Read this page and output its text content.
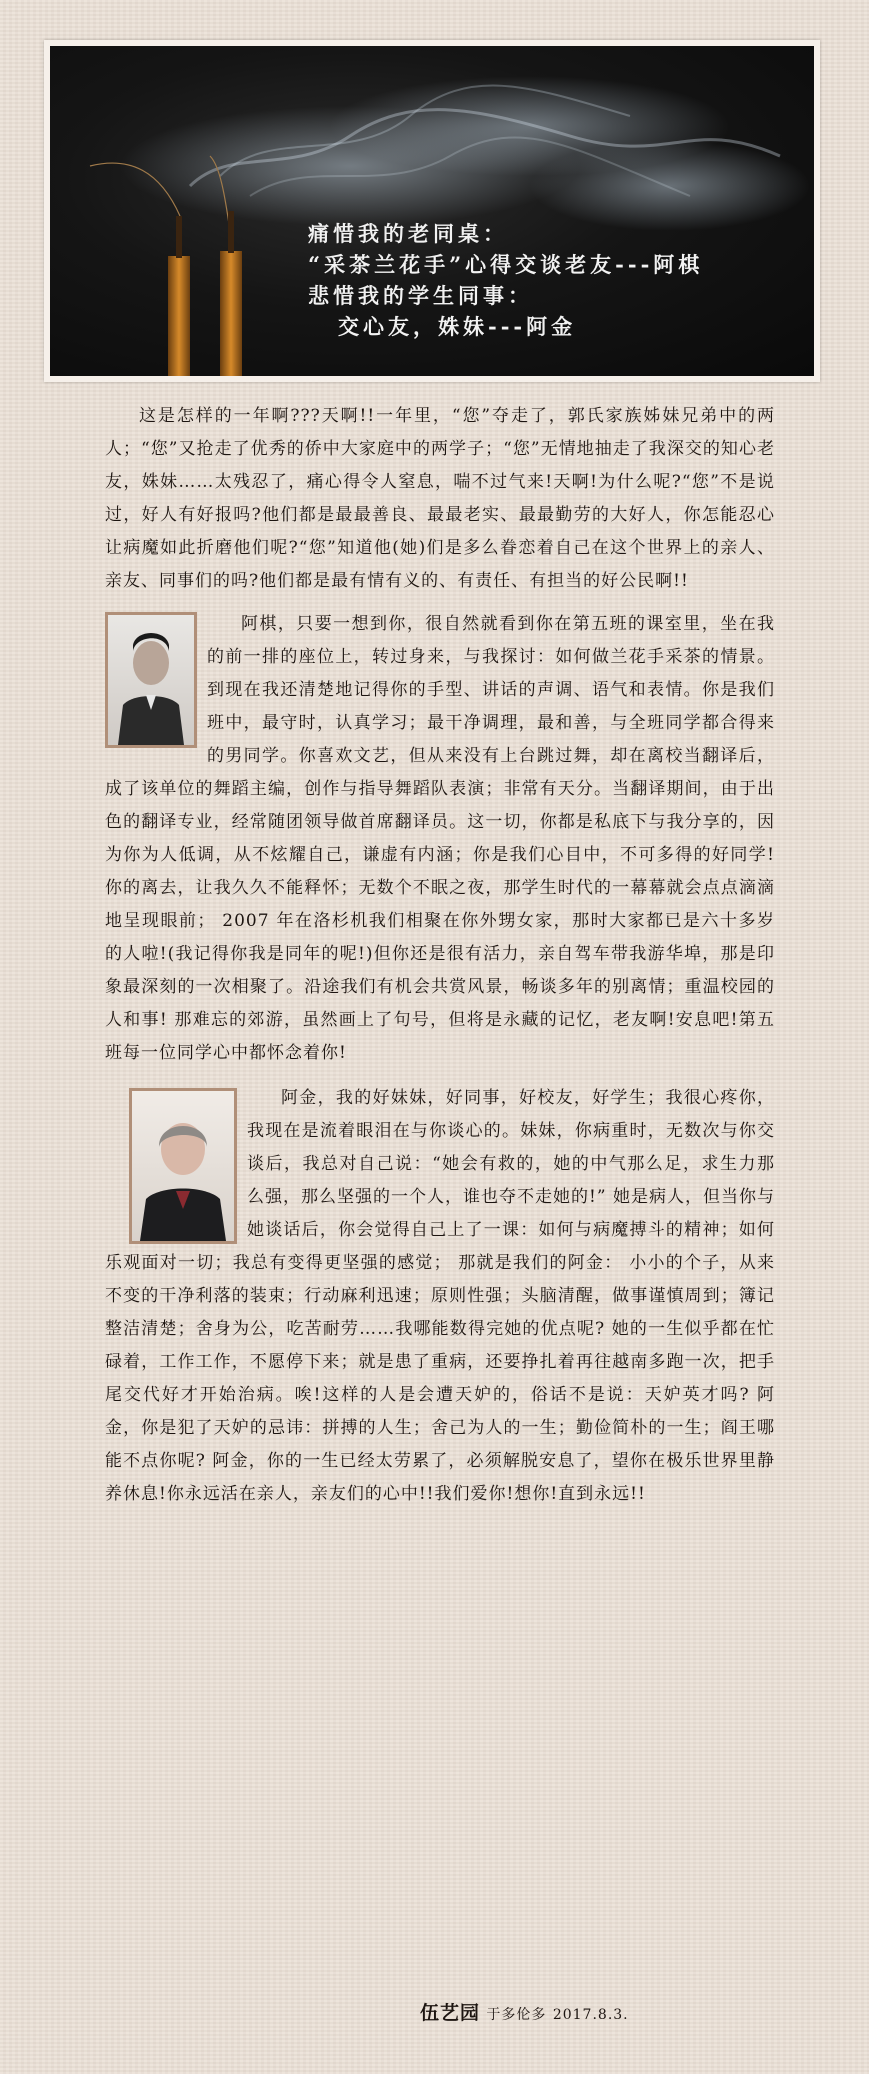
痛惜我的老同桌：
“采茶兰花手”心得交谈老友---阿棋
悲惜我的学生同事：
交心友，姝妹---阿金

这是怎样的一年啊???天啊!!一年里，“您”夺走了，郭氏家族姊妹兄弟中的两人；“您”又抢走了优秀的侨中大家庭中的两学子；“您”无情地抽走了我深交的知心老友，姝妹……太残忍了，痛心得令人窒息，喘不过气来!天啊!为什么呢?“您”不是说过，好人有好报吗?他们都是最最善良、最最老实、最最勤劳的大好人，你怎能忍心让病魔如此折磨他们呢?“您”知道他(她)们是多么眷恋着自己在这个世界上的亲人、亲友、同事们的吗?他们都是最有情有义的、有责任、有担当的好公民啊!!

阿棋，只要一想到你，很自然就看到你在第五班的课室里，坐在我的前一排的座位上，转过身来，与我探讨：如何做兰花手采茶的情景。到现在我还清楚地记得你的手型、讲话的声调、语气和表情。你是我们班中，最守时，认真学习；最干净调理，最和善，与全班同学都合得来的男同学。你喜欢文艺，但从来没有上台跳过舞，却在离校当翻译后，成了该单位的舞蹈主编，创作与指导舞蹈队表演；非常有天分。当翻译期间，由于出色的翻译专业，经常随团领导做首席翻译员。这一切，你都是私底下与我分享的，因为你为人低调，从不炫耀自己，谦虚有内涵；你是我们心目中，不可多得的好同学!你的离去，让我久久不能释怀；无数个不眠之夜，那学生时代的一幕幕就会点点滴滴地呈现眼前； 2007 年在洛杉机我们相聚在你外甥女家，那时大家都已是六十多岁的人啦!(我记得你我是同年的呢!)但你还是很有活力，亲自驾车带我游华埠，那是印象最深刻的一次相聚了。沿途我们有机会共赏风景，畅谈多年的别离情；重温校园的人和事! 那难忘的郊游，虽然画上了句号，但将是永藏的记忆，老友啊!安息吧!第五班每一位同学心中都怀念着你!

阿金，我的好妹妹，好同事，好校友，好学生；我很心疼你，我现在是流着眼泪在与你谈心的。妹妹，你病重时，无数次与你交谈后，我总对自己说：“她会有救的，她的中气那么足，求生力那么强，那么坚强的一个人，谁也夺不走她的!” 她是病人，但当你与她谈话后，你会觉得自己上了一课：如何与病魔搏斗的精神；如何乐观面对一切；我总有变得更坚强的感觉； 那就是我们的阿金： 小小的个子，从来不变的干净利落的装束；行动麻利迅速；原则性强；头脑清醒，做事谨慎周到；簿记整洁清楚；舍身为公，吃苦耐劳……我哪能数得完她的优点呢? 她的一生似乎都在忙碌着，工作工作，不愿停下来；就是患了重病，还要挣扎着再往越南多跑一次，把手尾交代好才开始治病。唉!这样的人是会遭天妒的，俗话不是说：天妒英才吗? 阿金，你是犯了天妒的忌讳：拼搏的人生；舍己为人的一生；勤俭简朴的一生；阎王哪能不点你呢? 阿金，你的一生已经太劳累了，必须解脱安息了，望你在极乐世界里静养休息!你永远活在亲人，亲友们的心中!!我们爱你!想你!直到永远!!

伍艺园 于多伦多 2017.8.3.
